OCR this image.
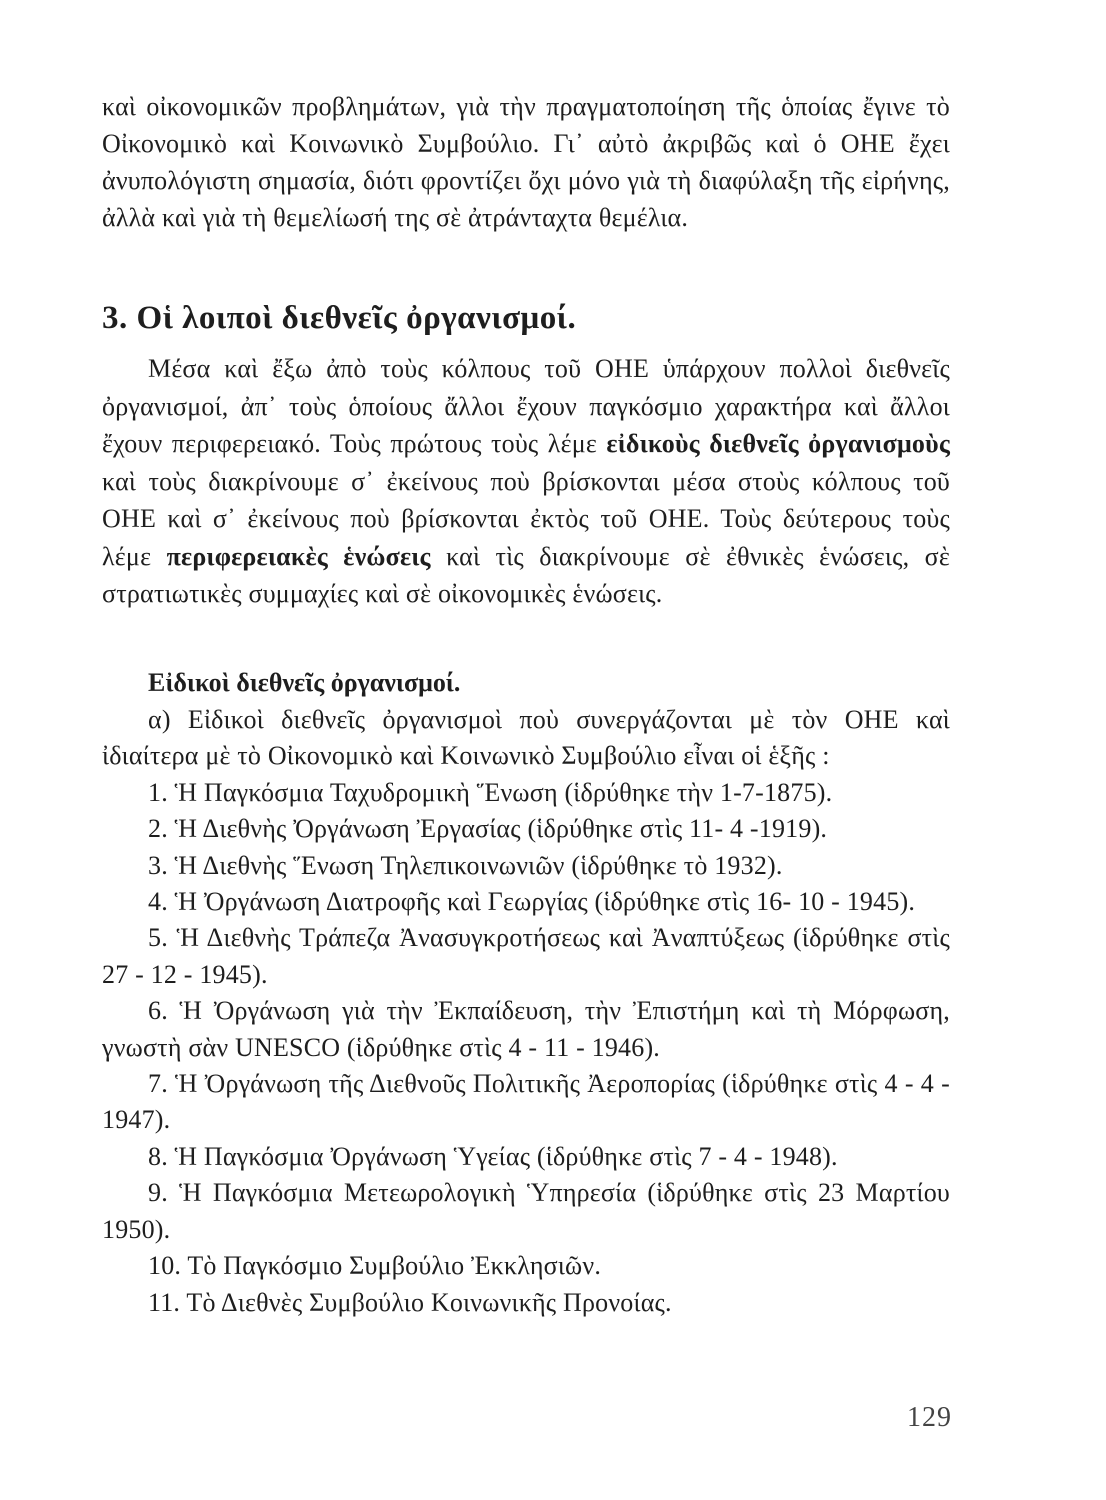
καὶ οἰκονομικῶν προβλημάτων, γιὰ τὴν πραγματοποίηση τῆς ὁποίας ἔγινε τὸ Οἰκονομικὸ καὶ Κοινωνικὸ Συμβούλιο. Γι᾽ αὐτὸ ἀκριβῶς καὶ ὁ ΟΗΕ ἔχει ἀνυπολόγιστη σημασία, διότι φροντίζει ὄχι μόνο γιὰ τὴ διαφύλαξη τῆς εἰρήνης, ἀλλὰ καὶ γιὰ τὴ θεμελίωσή της σὲ ἀτράνταχτα θεμέλια.

3. Οἱ λοιποὶ διεθνεῖς ὀργανισμοί.

Μέσα καὶ ἔξω ἀπὸ τοὺς κόλπους τοῦ ΟΗΕ ὑπάρχουν πολλοὶ διεθνεῖς ὀργανισμοί, ἀπ᾽ τοὺς ὁποίους ἄλλοι ἔχουν παγκόσμιο χαρακτήρα καὶ ἄλλοι ἔχουν περιφερειακό. Τοὺς πρώτους τοὺς λέμε εἰδικοὺς διεθνεῖς ὀργανισμοὺς καὶ τοὺς διακρίνουμε σ᾽ ἐκείνους ποὺ βρίσκονται μέσα στοὺς κόλπους τοῦ ΟΗΕ καὶ σ᾽ ἐκείνους ποὺ βρίσκονται ἐκτὸς τοῦ ΟΗΕ. Τοὺς δεύτερους τοὺς λέμε περιφερειακὲς ἑνώσεις καὶ τὶς διακρίνουμε σὲ ἐθνικὲς ἑνώσεις, σὲ στρατιωτικὲς συμμαχίες καὶ σὲ οἰκονομικὲς ἑνώσεις.

Εἰδικοὶ διεθνεῖς ὀργανισμοί.

α) Εἰδικοὶ διεθνεῖς ὀργανισμοὶ ποὺ συνεργάζονται μὲ τὸν ΟΗΕ καὶ ἰδιαίτερα μὲ τὸ Οἰκονομικὸ καὶ Κοινωνικὸ Συμβούλιο εἶναι οἱ ἑξῆς :

1. Ἡ Παγκόσμια Ταχυδρομικὴ Ἕνωση (ἱδρύθηκε τὴν 1-7-1875).

2. Ἡ Διεθνὴς Ὀργάνωση Ἐργασίας (ἱδρύθηκε στὶς 11- 4 -1919).

3. Ἡ Διεθνὴς Ἕνωση Τηλεπικοινωνιῶν (ἱδρύθηκε τὸ 1932).

4. Ἡ Ὀργάνωση Διατροφῆς καὶ Γεωργίας (ἱδρύθηκε στὶς 16- 10 - 1945).

5. Ἡ Διεθνὴς Τράπεζα Ἀνασυγκροτήσεως καὶ Ἀναπτύξεως (ἱδρύθηκε στὶς 27 - 12 - 1945).

6. Ἡ Ὀργάνωση γιὰ τὴν Ἐκπαίδευση, τὴν Ἐπιστήμη καὶ τὴ Μόρφωση, γνωστὴ σὰν UNESCO (ἱδρύθηκε στὶς 4 - 11 - 1946).

7. Ἡ Ὀργάνωση τῆς Διεθνοῦς Πολιτικῆς Ἀεροπορίας (ἱδρύθηκε στὶς 4 - 4 - 1947).

8. Ἡ Παγκόσμια Ὀργάνωση Ὑγείας (ἱδρύθηκε στὶς 7 - 4 - 1948).

9. Ἡ Παγκόσμια Μετεωρολογικὴ Ὑπηρεσία (ἱδρύθηκε στὶς 23 Μαρτίου 1950).

10. Τὸ Παγκόσμιο Συμβούλιο Ἐκκλησιῶν.

11. Τὸ Διεθνὲς Συμβούλιο Κοινωνικῆς Προνοίας.

129
